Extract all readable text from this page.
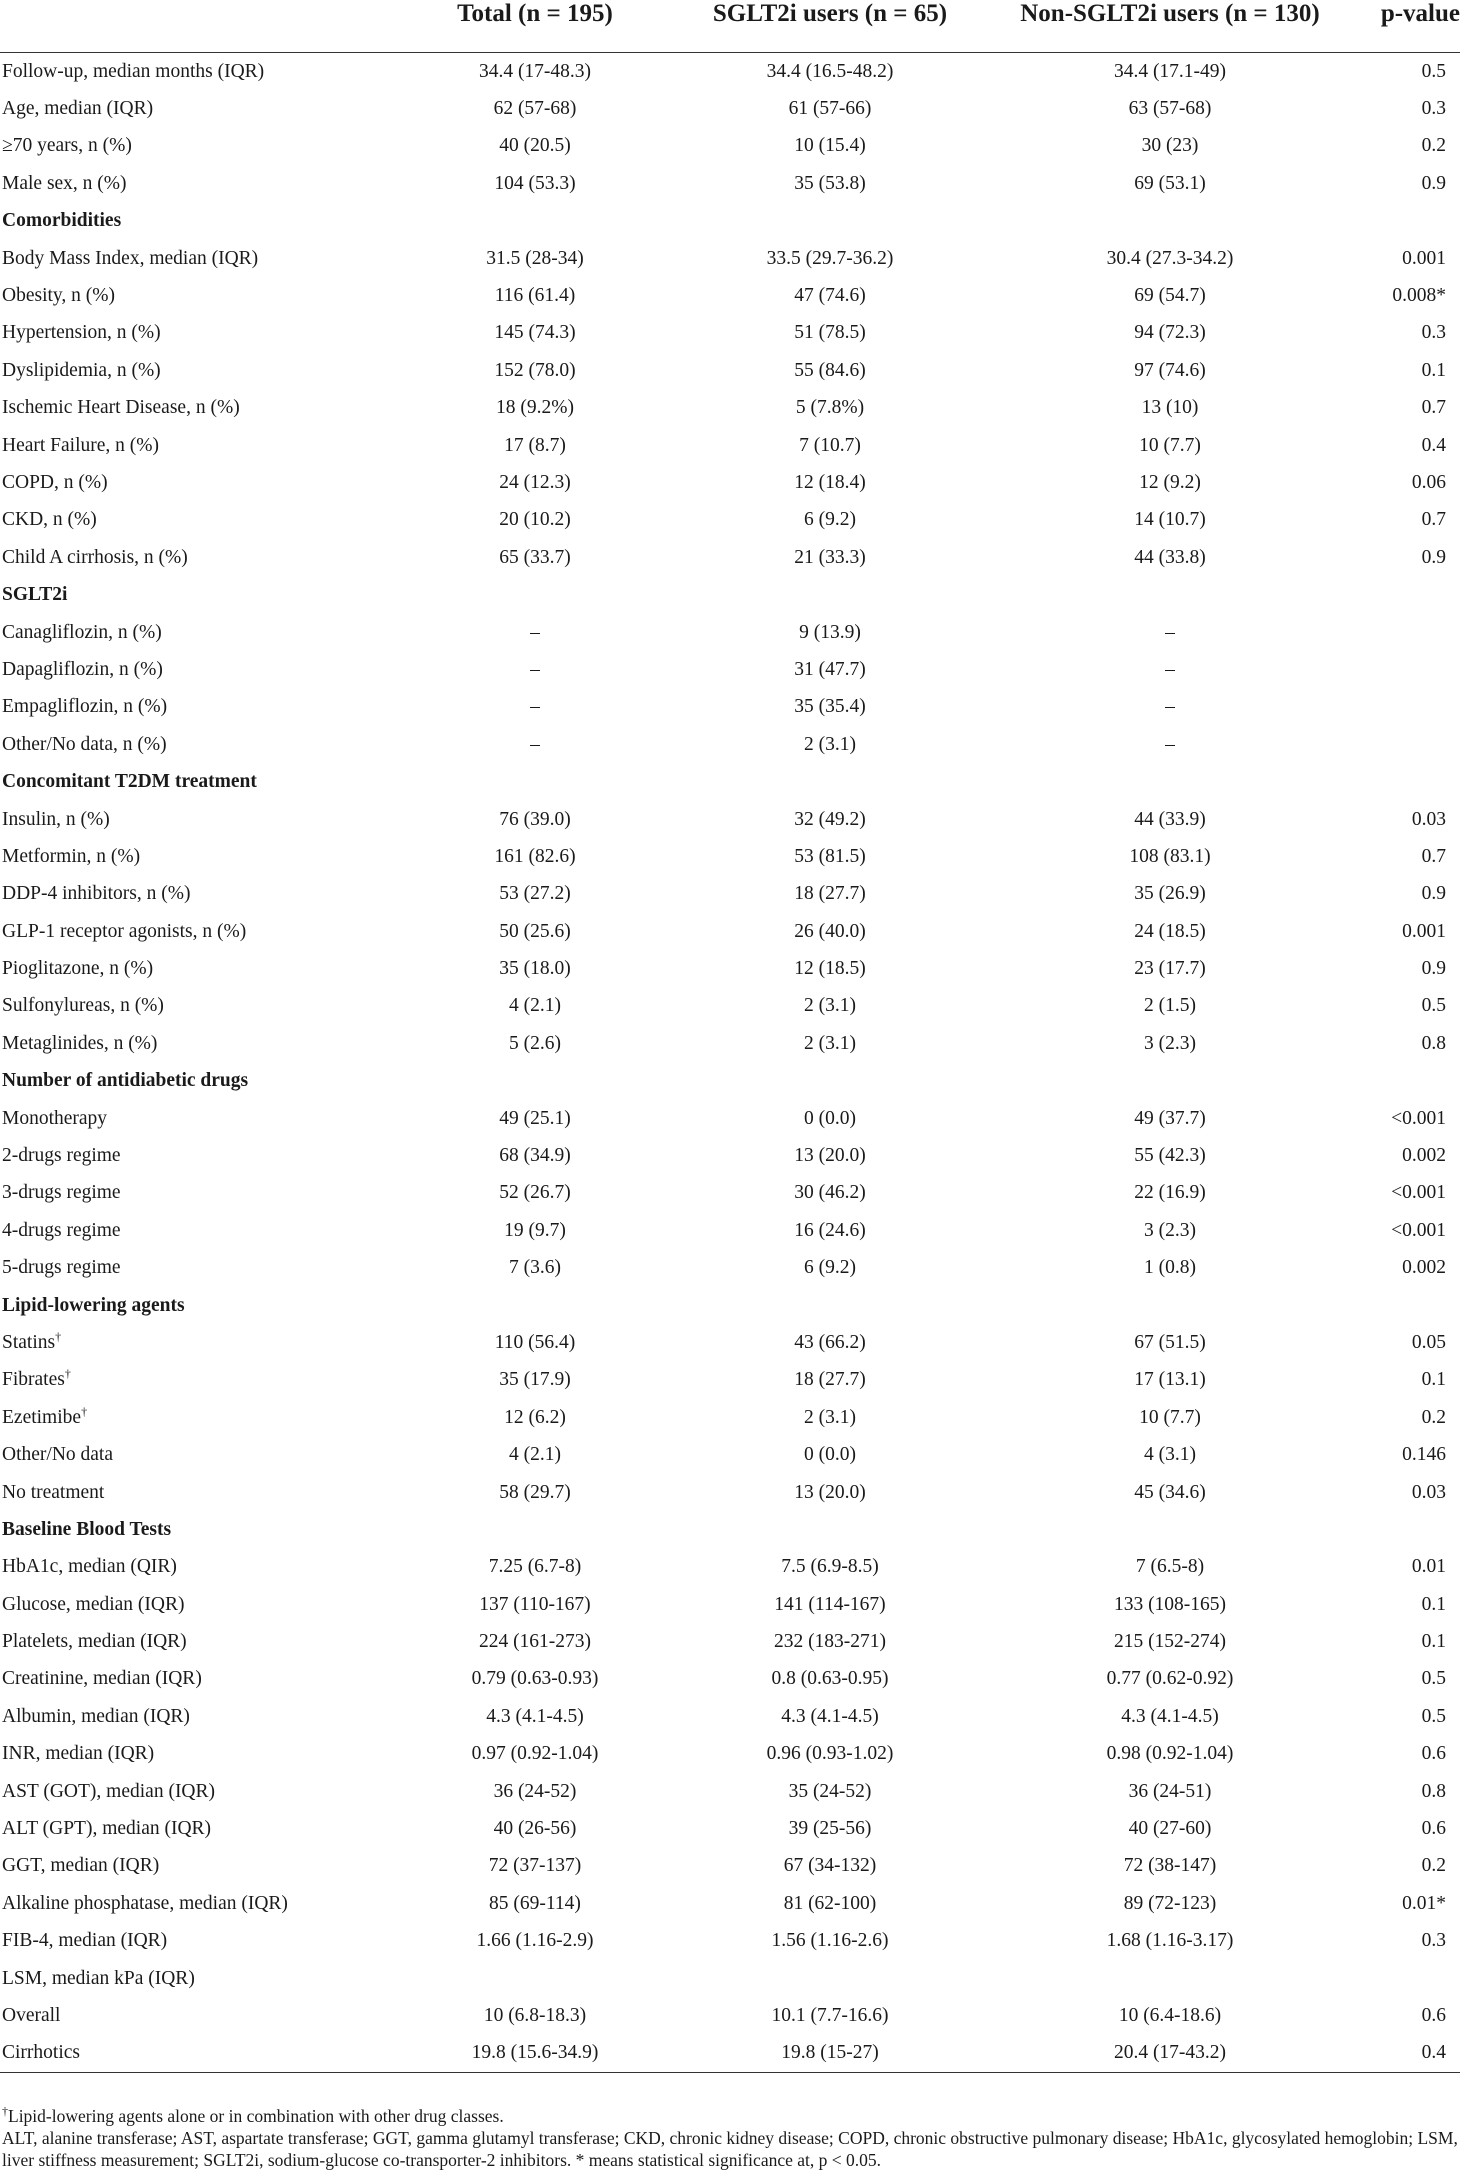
	Total (n = 195)	SGLT2i users (n = 65)	Non-SGLT2i users (n = 130)	p-value
Follow-up, median months (IQR)	34.4 (17-48.3)	34.4 (16.5-48.2)	34.4 (17.1-49)	0.5
Age, median (IQR)	62 (57-68)	61 (57-66)	63 (57-68)	0.3
≥70 years, n (%)	40 (20.5)	10 (15.4)	30 (23)	0.2
Male sex, n (%)	104 (53.3)	35 (53.8)	69 (53.1)	0.9
Comorbidities				
Body Mass Index, median (IQR)	31.5 (28-34)	33.5 (29.7-36.2)	30.4 (27.3-34.2)	0.001
Obesity, n (%)	116 (61.4)	47 (74.6)	69 (54.7)	0.008*
Hypertension, n (%)	145 (74.3)	51 (78.5)	94 (72.3)	0.3
Dyslipidemia, n (%)	152 (78.0)	55 (84.6)	97 (74.6)	0.1
Ischemic Heart Disease, n (%)	18 (9.2%)	5 (7.8%)	13 (10)	0.7
Heart Failure, n (%)	17 (8.7)	7 (10.7)	10 (7.7)	0.4
COPD, n (%)	24 (12.3)	12 (18.4)	12 (9.2)	0.06
CKD, n (%)	20 (10.2)	6 (9.2)	14 (10.7)	0.7
Child A cirrhosis, n (%)	65 (33.7)	21 (33.3)	44 (33.8)	0.9
SGLT2i				
Canagliflozin, n (%)	–	9 (13.9)	–	
Dapagliflozin, n (%)	–	31 (47.7)	–	
Empagliflozin, n (%)	–	35 (35.4)	–	
Other/No data, n (%)	–	2 (3.1)	–	
Concomitant T2DM treatment				
Insulin, n (%)	76 (39.0)	32 (49.2)	44 (33.9)	0.03
Metformin, n (%)	161 (82.6)	53 (81.5)	108 (83.1)	0.7
DDP-4 inhibitors, n (%)	53 (27.2)	18 (27.7)	35 (26.9)	0.9
GLP-1 receptor agonists, n (%)	50 (25.6)	26 (40.0)	24 (18.5)	0.001
Pioglitazone, n (%)	35 (18.0)	12 (18.5)	23 (17.7)	0.9
Sulfonylureas, n (%)	4 (2.1)	2 (3.1)	2 (1.5)	0.5
Metaglinides, n (%)	5 (2.6)	2 (3.1)	3 (2.3)	0.8
Number of antidiabetic drugs				
Monotherapy	49 (25.1)	0 (0.0)	49 (37.7)	<0.001
2-drugs regime	68 (34.9)	13 (20.0)	55 (42.3)	0.002
3-drugs regime	52 (26.7)	30 (46.2)	22 (16.9)	<0.001
4-drugs regime	19 (9.7)	16 (24.6)	3 (2.3)	<0.001
5-drugs regime	7 (3.6)	6 (9.2)	1 (0.8)	0.002
Lipid-lowering agents				
Statins†	110 (56.4)	43 (66.2)	67 (51.5)	0.05
Fibrates†	35 (17.9)	18 (27.7)	17 (13.1)	0.1
Ezetimibe†	12 (6.2)	2 (3.1)	10 (7.7)	0.2
Other/No data	4 (2.1)	0 (0.0)	4 (3.1)	0.146
No treatment	58 (29.7)	13 (20.0)	45 (34.6)	0.03
Baseline Blood Tests				
HbA1c, median (QIR)	7.25 (6.7-8)	7.5 (6.9-8.5)	7 (6.5-8)	0.01
Glucose, median (IQR)	137 (110-167)	141 (114-167)	133 (108-165)	0.1
Platelets, median (IQR)	224 (161-273)	232 (183-271)	215 (152-274)	0.1
Creatinine, median (IQR)	0.79 (0.63-0.93)	0.8 (0.63-0.95)	0.77 (0.62-0.92)	0.5
Albumin, median (IQR)	4.3 (4.1-4.5)	4.3 (4.1-4.5)	4.3 (4.1-4.5)	0.5
INR, median (IQR)	0.97 (0.92-1.04)	0.96 (0.93-1.02)	0.98 (0.92-1.04)	0.6
AST (GOT), median (IQR)	36 (24-52)	35 (24-52)	36 (24-51)	0.8
ALT (GPT), median (IQR)	40 (26-56)	39 (25-56)	40 (27-60)	0.6
GGT, median (IQR)	72 (37-137)	67 (34-132)	72 (38-147)	0.2
Alkaline phosphatase, median (IQR)	85 (69-114)	81 (62-100)	89 (72-123)	0.01*
FIB-4, median (IQR)	1.66 (1.16-2.9)	1.56 (1.16-2.6)	1.68 (1.16-3.17)	0.3
LSM, median kPa (IQR)				
Overall	10 (6.8-18.3)	10.1 (7.7-16.6)	10 (6.4-18.6)	0.6
Cirrhotics	19.8 (15.6-34.9)	19.8 (15-27)	20.4 (17-43.2)	0.4

†Lipid-lowering agents alone or in combination with other drug classes.

ALT, alanine transferase; AST, aspartate transferase; GGT, gamma glutamyl transferase; CKD, chronic kidney disease; COPD, chronic obstructive pulmonary disease; HbA1c, glycosylated hemoglobin; LSM, liver stiffness measurement; SGLT2i, sodium-glucose co-transporter-2 inhibitors. * means statistical significance at, p < 0.05.
